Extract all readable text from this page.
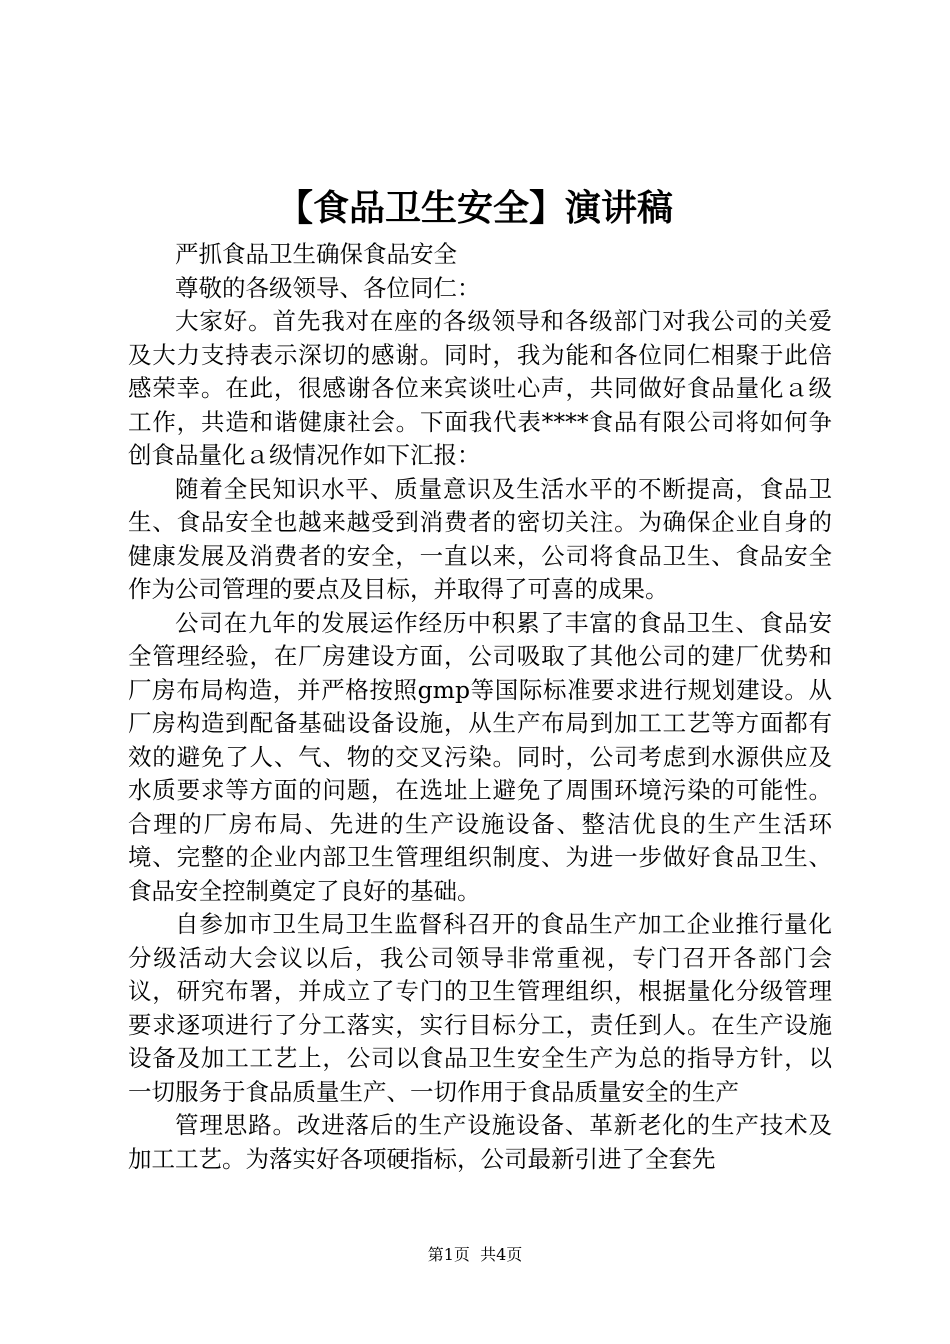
【食品卫生安全】演讲稿

严抓食品卫生确保食品安全

尊敬的各级领导、各位同仁：

大家好。首先我对在座的各级领导和各级部门对我公司的关爱及大力支持表示深切的感谢。同时，我为能和各位同仁相聚于此倍感荣幸。在此，很感谢各位来宾谈吐心声，共同做好食品量化ａ级工作，共造和谐健康社会。下面我代表****食品有限公司将如何争创食品量化ａ级情况作如下汇报：

随着全民知识水平、质量意识及生活水平的不断提高，食品卫生、食品安全也越来越受到消费者的密切关注。为确保企业自身的健康发展及消费者的安全，一直以来，公司将食品卫生、食品安全作为公司管理的要点及目标，并取得了可喜的成果。

公司在九年的发展运作经历中积累了丰富的食品卫生、食品安全管理经验，在厂房建设方面，公司吸取了其他公司的建厂优势和厂房布局构造，并严格按照gmp等国际标准要求进行规划建设。从厂房构造到配备基础设备设施，从生产布局到加工工艺等方面都有效的避免了人、气、物的交叉污染。同时，公司考虑到水源供应及水质要求等方面的问题，在选址上避免了周围环境污染的可能性。合理的厂房布局、先进的生产设施设备、整洁优良的生产生活环境、完整的企业内部卫生管理组织制度、为进一步做好食品卫生、食品安全控制奠定了良好的基础。

自参加市卫生局卫生监督科召开的食品生产加工企业推行量化分级活动大会议以后，我公司领导非常重视，专门召开各部门会议，研究布署，并成立了专门的卫生管理组织，根据量化分级管理要求逐项进行了分工落实，实行目标分工，责任到人。在生产设施设备及加工工艺上，公司以食品卫生安全生产为总的指导方针，以一切服务于食品质量生产、一切作用于食品质量安全的生产

管理思路。改进落后的生产设施设备、革新老化的生产技术及加工工艺。为落实好各项硬指标，公司最新引进了全套先

第1页 共4页
